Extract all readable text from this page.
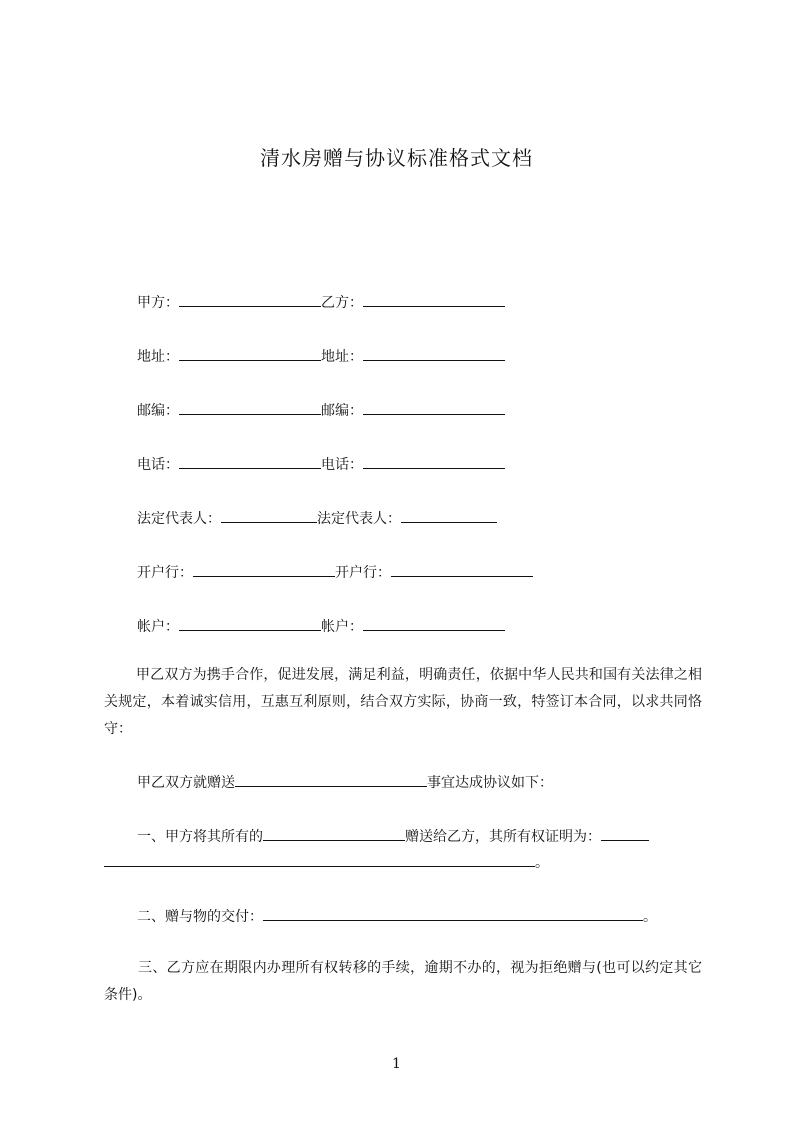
清水房赠与协议标准格式文档
甲方：	乙方：
地址：	地址：
邮编：	邮编：
电话：	电话：
法定代表人：	法定代表人：
开户行：	开户行：
帐户：	帐户：
甲乙双方为携手合作，促进发展，满足利益，明确责任，依据中华人民共和国有关法律之相关规定，本着诚实信用，互惠互利原则，结合双方实际，协商一致，特签订本合同，以求共同恪守：
甲乙双方就赠送	事宜达成协议如下：
一、甲方将其所有的	赠送给乙方，其所有权证明为：
。
二、赠与物的交付：	。
三、乙方应在期限内办理所有权转移的手续，逾期不办的，视为拒绝赠与(也可以约定其它条件)。
1
